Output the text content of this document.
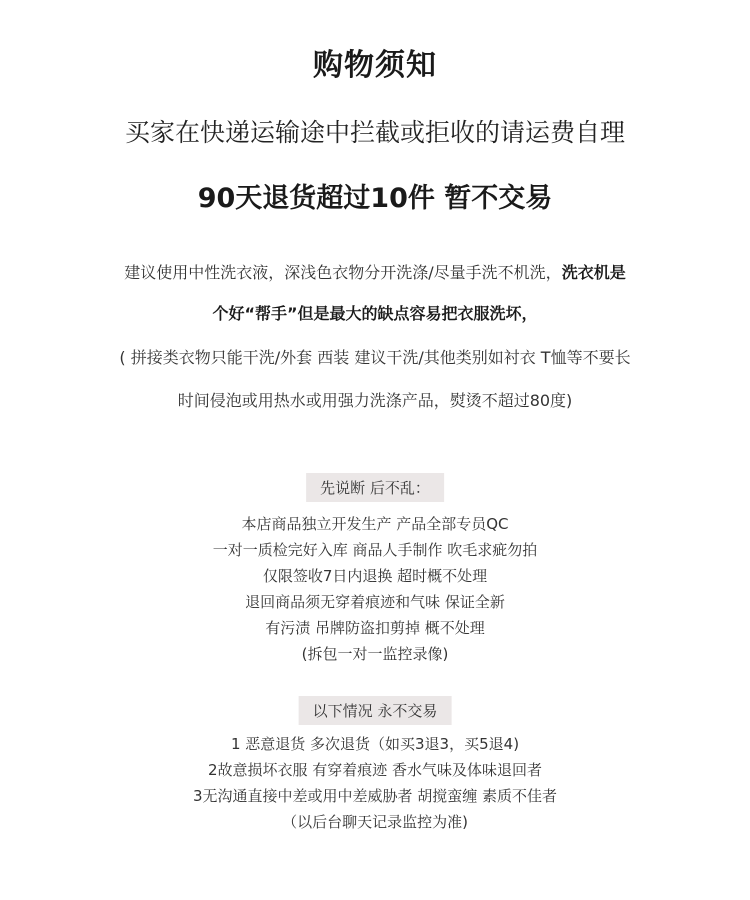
购物须知
买家在快递运输途中拦截或拒收的请运费自理
90天退货超过10件 暂不交易
建议使用中性洗衣液，深浅色衣物分开洗涤/尽量手洗不机洗，洗衣机是
个好“帮手”但是最大的缺点容易把衣服洗坏，
( 拼接类衣物只能干洗/外套 西装 建议干洗/其他类别如衬衣 T恤等不要长
时间侵泡或用热水或用强力洗涤产品，熨烫不超过80度)
先说断 后不乱：
本店商品独立开发生产 产品全部专员QC
一对一质检完好入库 商品人手制作 吹毛求疵勿拍
仅限签收7日内退换 超时概不处理
退回商品须无穿着痕迹和气味 保证全新
有污渍 吊牌防盗扣剪掉 概不处理
(拆包一对一监控录像)
以下情况 永不交易
1 恶意退货 多次退货（如买3退3，买5退4)
2故意损坏衣服 有穿着痕迹 香水气味及体味退回者
3无沟通直接中差或用中差威胁者 胡搅蛮缠 素质不佳者
（以后台聊天记录监控为准)
